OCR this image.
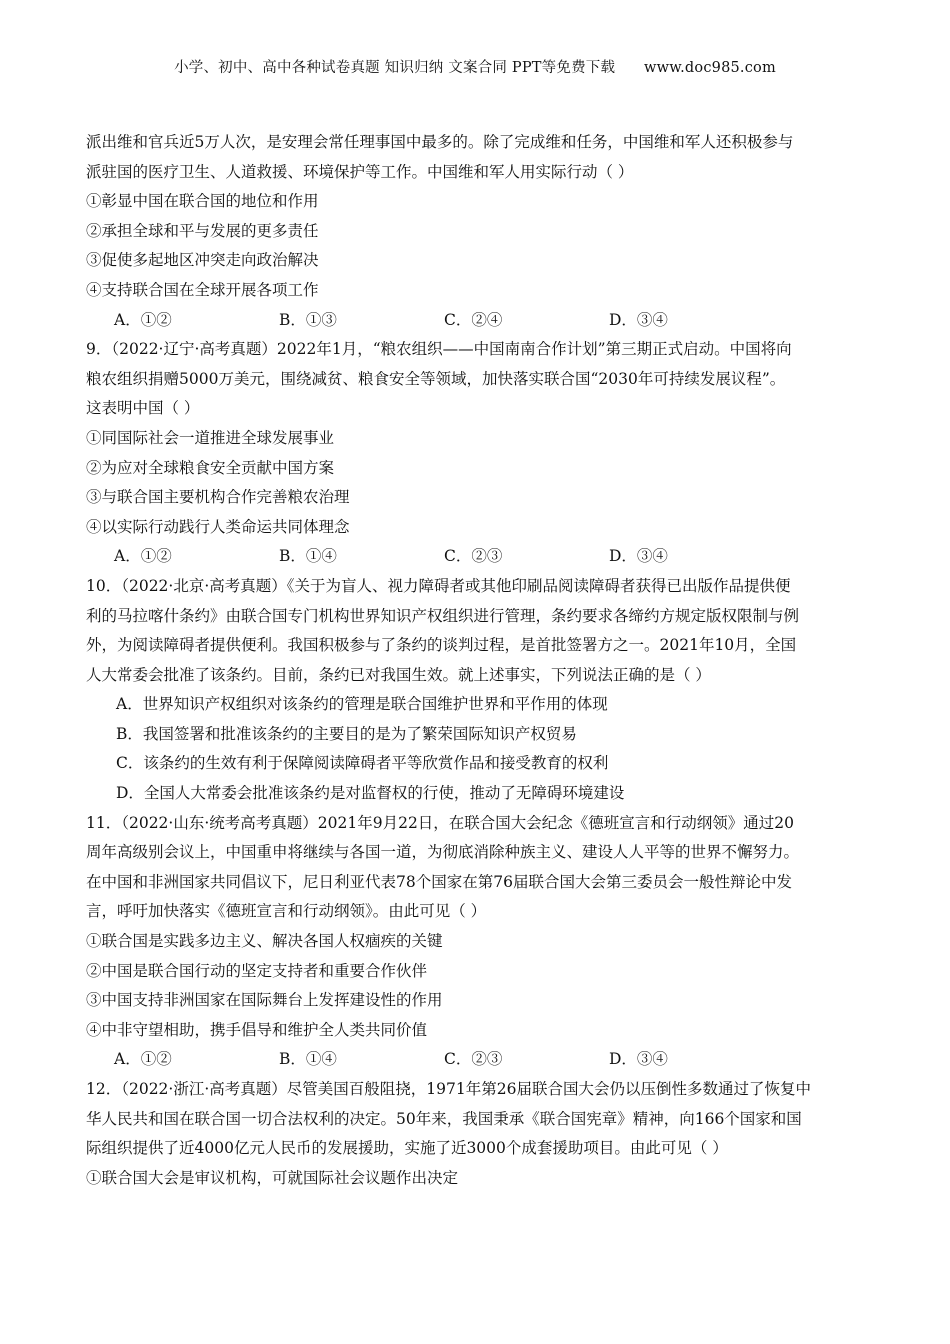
小学、初中、高中各种试卷真题 知识归纳 文案合同 PPT等免费下载 www.doc985.com
派出维和官兵近5万人次，是安理会常任理事国中最多的。除了完成维和任务，中国维和军人还积极参与
派驻国的医疗卫生、人道救援、环境保护等工作。中国维和军人用实际行动（ ）
①彰显中国在联合国的地位和作用
②承担全球和平与发展的更多责任
③促使多起地区冲突走向政治解决
④支持联合国在全球开展各项工作
A．①②	B．①③	C．②④	D．③④
9．（2022·辽宁·高考真题）2022年1月，“粮农组织——中国南南合作计划”第三期正式启动。中国将向
粮农组织捐赠5000万美元，围绕减贫、粮食安全等领域，加快落实联合国“2030年可持续发展议程”。
这表明中国（ ）
①同国际社会一道推进全球发展事业
②为应对全球粮食安全贡献中国方案
③与联合国主要机构合作完善粮农治理
④以实际行动践行人类命运共同体理念
A．①②	B．①④	C．②③	D．③④
10．（2022·北京·高考真题）《关于为盲人、视力障碍者或其他印刷品阅读障碍者获得已出版作品提供便
利的马拉喀什条约》由联合国专门机构世界知识产权组织进行管理，条约要求各缔约方规定版权限制与例
外，为阅读障碍者提供便利。我国积极参与了条约的谈判过程，是首批签署方之一。2021年10月，全国
人大常委会批准了该条约。目前，条约已对我国生效。就上述事实，下列说法正确的是（ ）
A．世界知识产权组织对该条约的管理是联合国维护世界和平作用的体现
B．我国签署和批准该条约的主要目的是为了繁荣国际知识产权贸易
C．该条约的生效有利于保障阅读障碍者平等欣赏作品和接受教育的权利
D．全国人大常委会批准该条约是对监督权的行使，推动了无障碍环境建设
11．（2022·山东·统考高考真题）2021年9月22日，在联合国大会纪念《德班宣言和行动纲领》通过20
周年高级别会议上，中国重申将继续与各国一道，为彻底消除种族主义、建设人人平等的世界不懈努力。
在中国和非洲国家共同倡议下，尼日利亚代表78个国家在第76届联合国大会第三委员会一般性辩论中发
言，呼吁加快落实《德班宣言和行动纲领》。由此可见（ ）
①联合国是实践多边主义、解决各国人权痼疾的关键
②中国是联合国行动的坚定支持者和重要合作伙伴
③中国支持非洲国家在国际舞台上发挥建设性的作用
④中非守望相助，携手倡导和维护全人类共同价值
A．①②	B．①④	C．②③	D．③④
12．（2022·浙江·高考真题）尽管美国百般阻挠，1971年第26届联合国大会仍以压倒性多数通过了恢复中
华人民共和国在联合国一切合法权利的决定。50年来，我国秉承《联合国宪章》精神，向166个国家和国
际组织提供了近4000亿元人民币的发展援助，实施了近3000个成套援助项目。由此可见（ ）
①联合国大会是审议机构，可就国际社会议题作出决定
